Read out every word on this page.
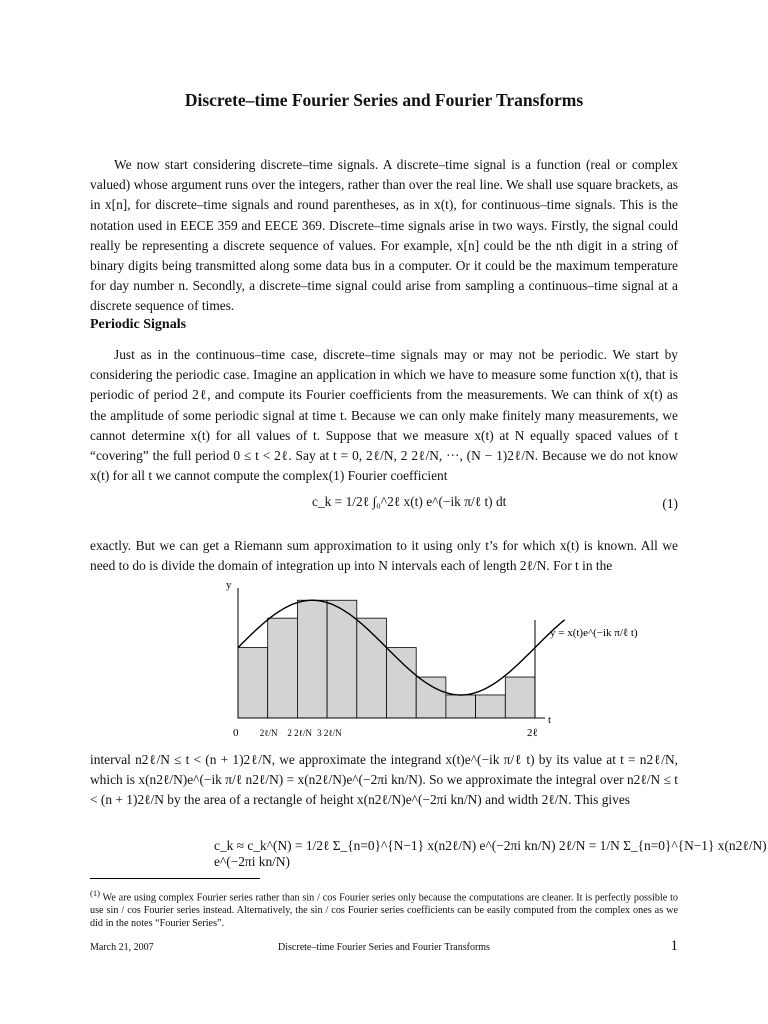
Discrete–time Fourier Series and Fourier Transforms

We now start considering discrete–time signals. A discrete–time signal is a function (real or complex valued) whose argument runs over the integers, rather than over the real line. We shall use square brackets, as in x[n], for discrete–time signals and round parentheses, as in x(t), for continuous–time signals. This is the notation used in EECE 359 and EECE 369. Discrete–time signals arise in two ways. Firstly, the signal could really be representing a discrete sequence of values. For example, x[n] could be the nth digit in a string of binary digits being transmitted along some data bus in a computer. Or it could be the maximum temperature for day number n. Secondly, a discrete–time signal could arise from sampling a continuous–time signal at a discrete sequence of times.

Periodic Signals

Just as in the continuous–time case, discrete–time signals may or may not be periodic. We start by considering the periodic case. Imagine an application in which we have to measure some function x(t), that is periodic of period 2ℓ, and compute its Fourier coefficients from the measurements. We can think of x(t) as the amplitude of some periodic signal at time t. Because we can only make finitely many measurements, we cannot determine x(t) for all values of t. Suppose that we measure x(t) at N equally spaced values of t “covering” the full period 0 ≤ t < 2ℓ. Say at t = 0, 2ℓ/N, 2 2ℓ/N, ···, (N − 1)2ℓ/N. Because we do not know x(t) for all t we cannot compute the complex(1) Fourier coefficient

c_k = 1/2ℓ ∫₀^2ℓ x(t) e^(−ik π/ℓ t) dt	(1)

exactly. But we can get a Riemann sum approximation to it using only t’s for which x(t) is known. All we need to do is divide the domain of integration up into N intervals each of length 2ℓ/N. For t in the

y
t
y = x(t)e^(−ik π/ℓ t)
0 2ℓ/N 2 2ℓ/N 3 2ℓ/N	2ℓ

interval n2ℓ/N ≤ t < (n + 1)2ℓ/N, we approximate the integrand x(t)e^(−ik π/ℓ t) by its value at t = n2ℓ/N, which is x(n2ℓ/N)e^(−ik π/ℓ n2ℓ/N) = x(n2ℓ/N)e^(−2πi kn/N). So we approximate the integral over n2ℓ/N ≤ t < (n + 1)2ℓ/N by the area of a rectangle of height x(n2ℓ/N)e^(−2πi kn/N) and width 2ℓ/N. This gives

c_k ≈ c_k^(N) = 1/2ℓ Σ_{n=0}^{N−1} x(n2ℓ/N) e^(−2πi kn/N) 2ℓ/N = 1/N Σ_{n=0}^{N−1} x(n2ℓ/N) e^(−2πi kn/N)
$^{(1)}$ We are using complex Fourier series rather than sin / cos Fourier series only because the computations are cleaner. It is perfectly possible to use sin / cos Fourier series instead. Alternatively, the sin / cos Fourier series coefficients can be easily computed from the complex ones as we did in the notes “Fourier Series”.
March 21, 2007	Discrete–time Fourier Series and Fourier Transforms	1
